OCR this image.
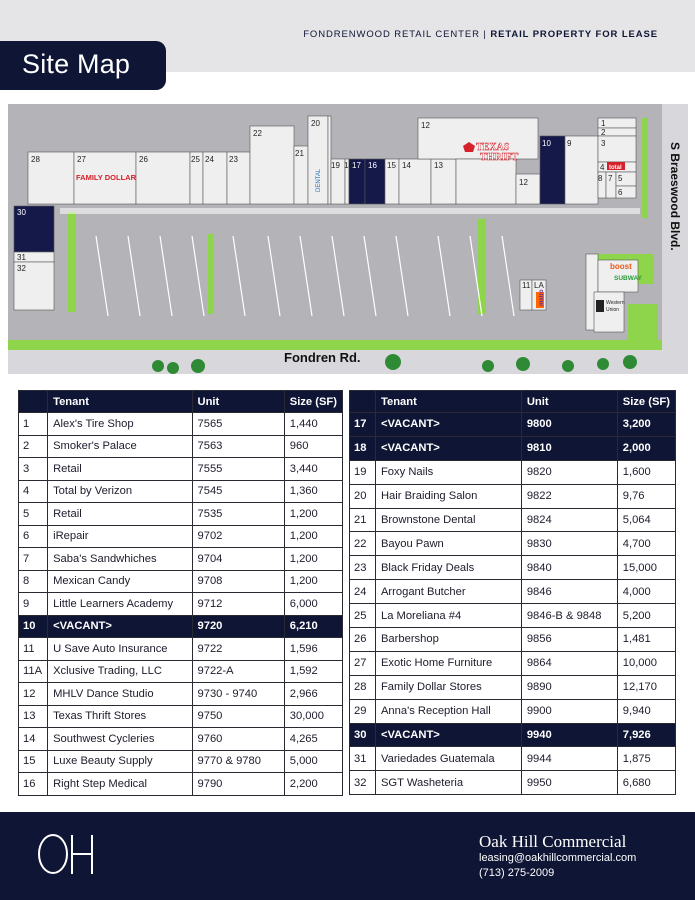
FONDRENWOOD RETAIL CENTER | RETAIL PROPERTY FOR LEASE
Site Map
28	27	26	25 24 23
22
21
20
19 18 17 16 15 14	13
12
12
10 9
1
2
3
4
5
6
7
8
30
31
32
11 LA
FAMILY DOLLAR	DENTAL
TEXAS
THRIFT
total
boost
SUBWAY
Western
Union
metro
Fondren Rd.
S Braeswood Blvd.
	Tenant	Unit	Size (SF)
1	Alex's Tire Shop	7565	1,440
2	Smoker's Palace	7563	960
3	Retail	7555	3,440
4	Total by Verizon	7545	1,360
5	Retail	7535	1,200
6	iRepair	9702	1,200
7	Saba's Sandwhiches	9704	1,200
8	Mexican Candy	9708	1,200
9	Little Learners Academy	9712	6,000
10	<VACANT>	9720	6,210
11	U Save Auto Insurance	9722	1,596
11A	Xclusive Trading, LLC	9722-A	1,592
12	MHLV Dance Studio	9730 - 9740	2,966
13	Texas Thrift Stores	9750	30,000
14	Southwest Cycleries	9760	4,265
15	Luxe Beauty Supply	9770 & 9780	5,000
16	Right Step Medical	9790	2,200
	Tenant	Unit	Size (SF)
17	<VACANT>	9800	3,200
18	<VACANT>	9810	2,000
19	Foxy Nails	9820	1,600
20	Hair Braiding Salon	9822	9,76
21	Brownstone Dental	9824	5,064
22	Bayou Pawn	9830	4,700
23	Black Friday Deals	9840	15,000
24	Arrogant Butcher	9846	4,000
25	La Moreliana #4	9846-B & 9848	5,200
26	Barbershop	9856	1,481
27	Exotic Home Furniture	9864	10,000
28	Family Dollar Stores	9890	12,170
29	Anna's Reception Hall	9900	9,940
30	<VACANT>	9940	7,926
31	Variedades Guatemala	9944	1,875
32	SGT Washeteria	9950	6,680
OH
Oak Hill Commercial
leasing@oakhillcommercial.com
(713) 275-2009
